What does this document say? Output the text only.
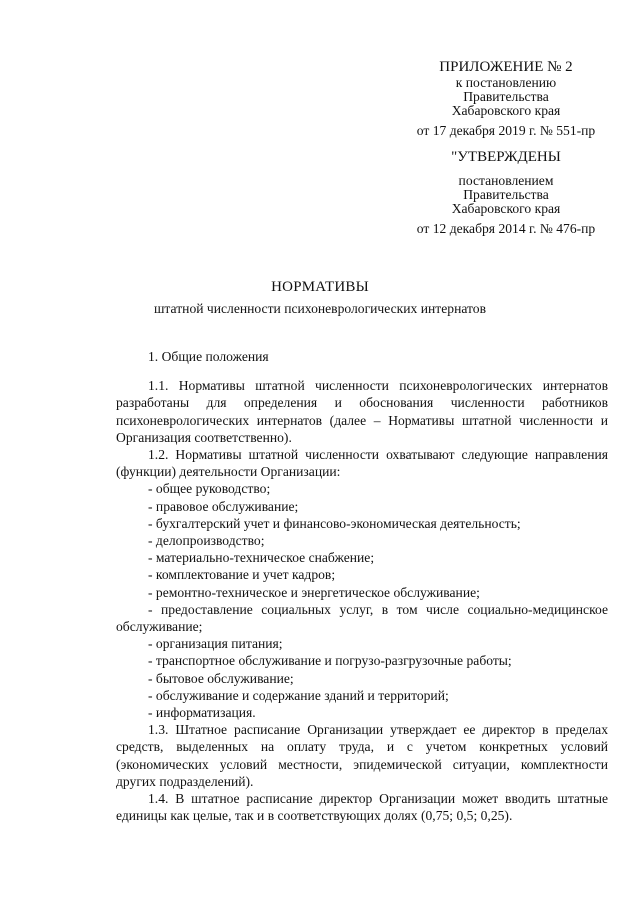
ПРИЛОЖЕНИЕ № 2
к постановлению
Правительства
Хабаровского края
от 17 декабря 2019 г. № 551-пр
"УТВЕРЖДЕНЫ
постановлением
Правительства
Хабаровского края
от 12 декабря 2014 г. № 476-пр
НОРМАТИВЫ
штатной численности психоневрологических интернатов

1. Общие положения

1.1. Нормативы штатной численности психоневрологических интернатов разработаны для определения и обоснования численности работников психоневрологических интернатов (далее – Нормативы штатной численности и Организация соответственно).

1.2. Нормативы штатной численности охватывают следующие направления (функции) деятельности Организации:

- общее руководство;

- правовое обслуживание;

- бухгалтерский учет и финансово-экономическая деятельность;

- делопроизводство;

- материально-техническое снабжение;

- комплектование и учет кадров;

- ремонтно-техническое и энергетическое обслуживание;

- предоставление социальных услуг, в том числе социально-медицинское обслуживание;

- организация питания;

- транспортное обслуживание и погрузо-разгрузочные работы;

- бытовое обслуживание;

- обслуживание и содержание зданий и территорий;

- информатизация.

1.3. Штатное расписание Организации утверждает ее директор в пределах средств, выделенных на оплату труда, и с учетом конкретных условий (экономических условий местности, эпидемической ситуации, комплектности других подразделений).

1.4. В штатное расписание директор Организации может вводить штатные единицы как целые, так и в соответствующих долях (0,75; 0,5; 0,25).
